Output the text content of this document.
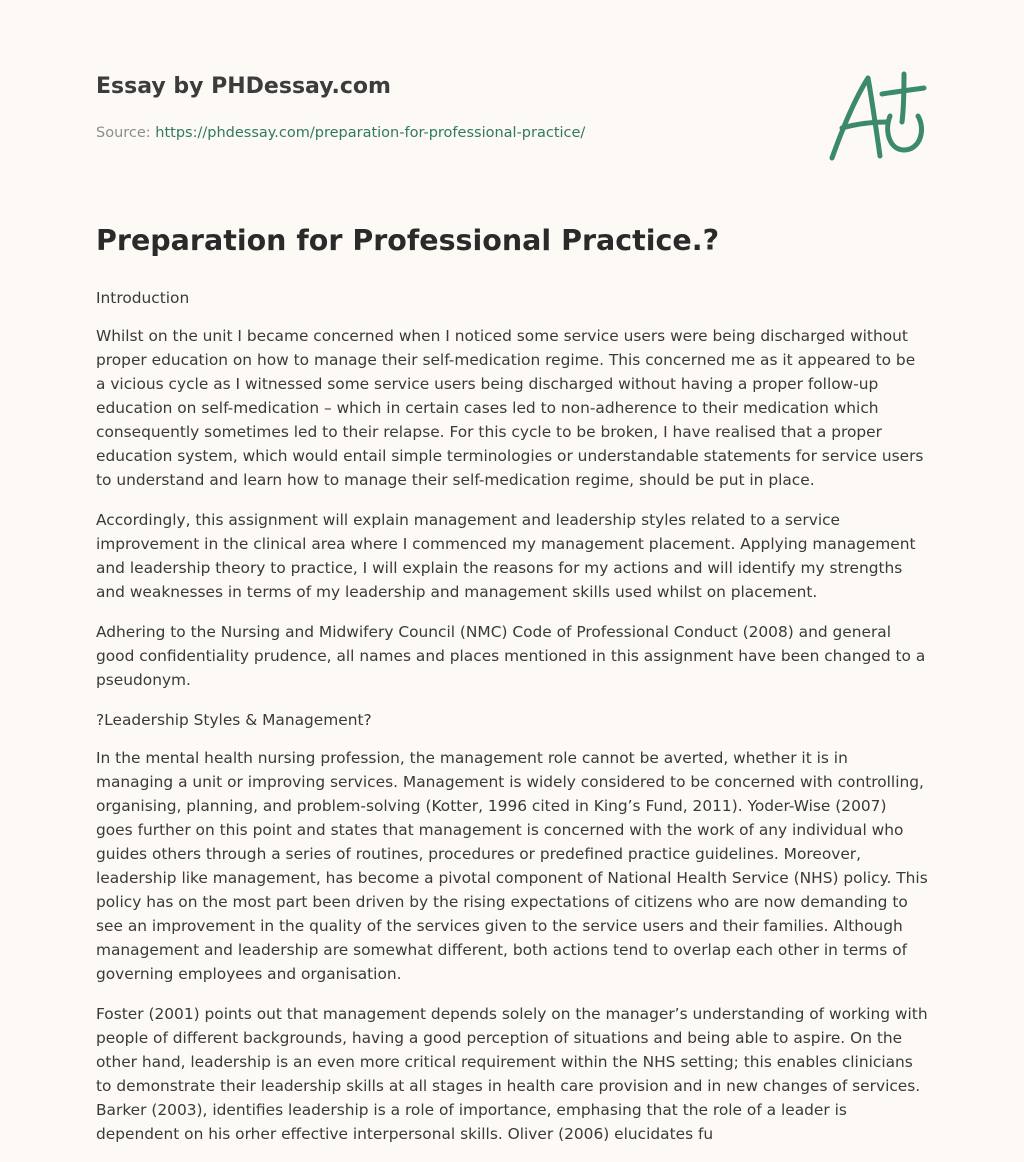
Essay by PHDessay.com

Source: https://phdessay.com/preparation-for-professional-practice/
Preparation for Professional Practice.?

Introduction

Whilst on the unit I became concerned when I noticed some service users were being discharged without proper education on how to manage their self-medication regime. This concerned me as it appeared to be a vicious cycle as I witnessed some service users being discharged without having a proper follow-up education on self-medication – which in certain cases led to non-adherence to their medication which consequently sometimes led to their relapse. For this cycle to be broken, I have realised that a proper education system, which would entail simple terminologies or understandable statements for service users to understand and learn how to manage their self-medication regime, should be put in place.

Accordingly, this assignment will explain management and leadership styles related to a service improvement in the clinical area where I commenced my management placement. Applying management and leadership theory to practice, I will explain the reasons for my actions and will identify my strengths and weaknesses in terms of my leadership and management skills used whilst on placement.

Adhering to the Nursing and Midwifery Council (NMC) Code of Professional Conduct (2008) and general good confidentiality prudence, all names and places mentioned in this assignment have been changed to a pseudonym.

?Leadership Styles & Management?

In the mental health nursing profession, the management role cannot be averted, whether it is in managing a unit or improving services. Management is widely considered to be concerned with controlling, organising, planning, and problem-solving (Kotter, 1996 cited in King’s Fund, 2011). Yoder-Wise (2007) goes further on this point and states that management is concerned with the work of any individual who guides others through a series of routines, procedures or predefined practice guidelines. Moreover, leadership like management, has become a pivotal component of National Health Service (NHS) policy. This policy has on the most part been driven by the rising expectations of citizens who are now demanding to see an improvement in the quality of the services given to the service users and their families. Although management and leadership are somewhat different, both actions tend to overlap each other in terms of governing employees and organisation.

Foster (2001) points out that management depends solely on the manager’s understanding of working with people of different backgrounds, having a good perception of situations and being able to aspire. On the other hand, leadership is an even more critical requirement within the NHS setting; this enables clinicians to demonstrate their leadership skills at all stages in health care provision and in new changes of services. Barker (2003), identifies leadership is a role of importance, emphasing that the role of a leader is dependent on his orher effective interpersonal skills. Oliver (2006) elucidates fu
